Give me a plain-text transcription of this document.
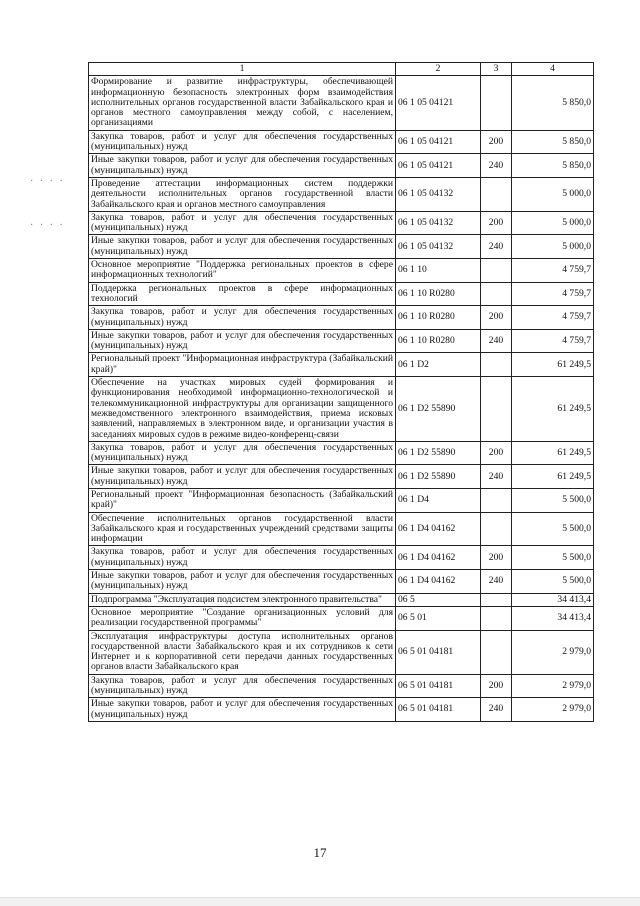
· · · ·
· · · ·
1	2	3	4
Формирование и развитие инфраструктуры, обеспечивающей информационную безопасность электронных форм взаимодействия исполнительных органов государственной власти Забайкальского края и органов местного самоуправления между собой, с населением, организациями	06 1 05 04121		5 850,0
Закупка товаров, работ и услуг для обеспечения государственных (муниципальных) нужд	06 1 05 04121	200	5 850,0
Иные закупки товаров, работ и услуг для обеспечения государственных (муниципальных) нужд	06 1 05 04121	240	5 850,0
Проведение аттестации информационных систем поддержки деятельности исполнительных органов государственной власти Забайкальского края и органов местного самоуправления	06 1 05 04132		5 000,0
Закупка товаров, работ и услуг для обеспечения государственных (муниципальных) нужд	06 1 05 04132	200	5 000,0
Иные закупки товаров, работ и услуг для обеспечения государственных (муниципальных) нужд	06 1 05 04132	240	5 000,0
Основное мероприятие "Поддержка региональных проектов в сфере информационных технологий"	06 1 10		4 759,7
Поддержка региональных проектов в сфере информационных технологий	06 1 10 R0280		4 759,7
Закупка товаров, работ и услуг для обеспечения государственных (муниципальных) нужд	06 1 10 R0280	200	4 759,7
Иные закупки товаров, работ и услуг для обеспечения государственных (муниципальных) нужд	06 1 10 R0280	240	4 759,7
Региональный проект "Информационная инфраструктура (Забайкальский край)"	06 1 D2		61 249,5
Обеспечение на участках мировых судей формирования и функционирования необходимой информационно-технологической и телекоммуникационной инфраструктуры для организации защищенного межведомственного электронного взаимодействия, приема исковых заявлений, направляемых в электронном виде, и организации участия в заседаниях мировых судов в режиме видео-конференц-связи	06 1 D2 55890		61 249,5
Закупка товаров, работ и услуг для обеспечения государственных (муниципальных) нужд	06 1 D2 55890	200	61 249,5
Иные закупки товаров, работ и услуг для обеспечения государственных (муниципальных) нужд	06 1 D2 55890	240	61 249,5
Региональный проект "Информационная безопасность (Забайкальский край)"	06 1 D4		5 500,0
Обеспечение исполнительных органов государственной власти Забайкальского края и государственных учреждений средствами защиты информации	06 1 D4 04162		5 500,0
Закупка товаров, работ и услуг для обеспечения государственных (муниципальных) нужд	06 1 D4 04162	200	5 500,0
Иные закупки товаров, работ и услуг для обеспечения государственных (муниципальных) нужд	06 1 D4 04162	240	5 500,0
Подпрограмма "Эксплуатация подсистем электронного правительства"	06 5		34 413,4
Основное мероприятие "Создание организационных условий для реализации государственной программы"	06 5 01		34 413,4
Эксплуатация инфраструктуры доступа исполнительных органов государственной власти Забайкальского края и их сотрудников к сети Интернет и к корпоративной сети передачи данных государственных органов власти Забайкальского края	06 5 01 04181		2 979,0
Закупка товаров, работ и услуг для обеспечения государственных (муниципальных) нужд	06 5 01 04181	200	2 979,0
Иные закупки товаров, работ и услуг для обеспечения государственных (муниципальных) нужд	06 5 01 04181	240	2 979,0
17
